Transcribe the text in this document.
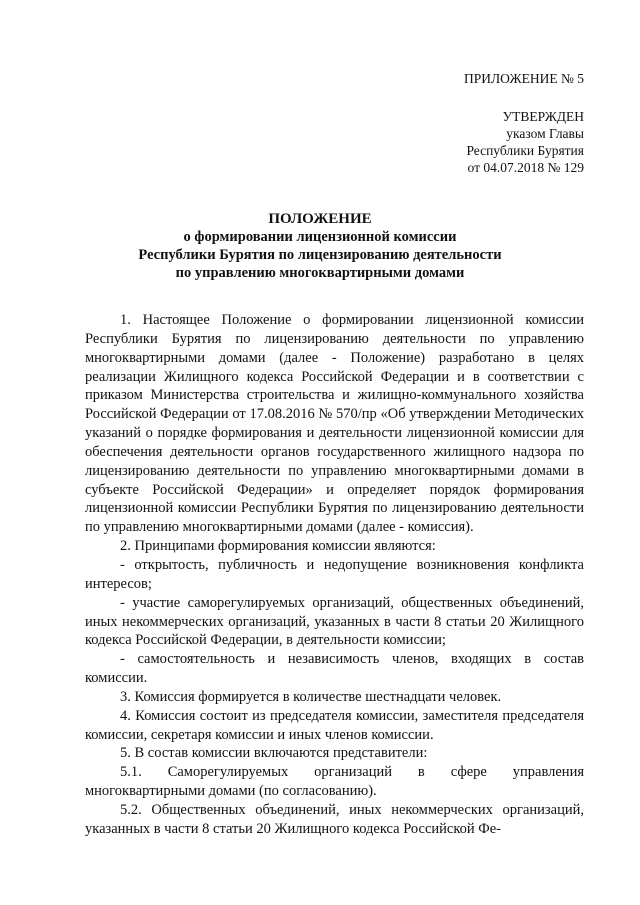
ПРИЛОЖЕНИЕ № 5
УТВЕРЖДЕН
указом Главы
Республики Бурятия
от 04.07.2018 № 129
ПОЛОЖЕНИЕ
о формировании лицензионной комиссии
Республики Бурятия по лицензированию деятельности
по управлению многоквартирными домами

1. Настоящее Положение о формировании лицензионной комиссии Республики Бурятия по лицензированию деятельности по управлению многоквартирными домами (далее - Положение) разработано в целях реализации Жилищного кодекса Российской Федерации и в соответствии с приказом Министерства строительства и жилищно-коммунального хозяйства Российской Федерации от 17.08.2016 № 570/пр «Об утверждении Методических указаний о порядке формирования и деятельности лицензионной комиссии для обеспечения деятельности органов государственного жилищного надзора по лицензированию деятельности по управлению многоквартирными домами в субъекте Российской Федерации» и определяет порядок формирования лицензионной комиссии Республики Бурятия по лицензированию деятельности по управлению многоквартирными домами (далее - комиссия).

2. Принципами формирования комиссии являются:

- открытость, публичность и недопущение возникновения конфликта интересов;

- участие саморегулируемых организаций, общественных объединений, иных некоммерческих организаций, указанных в части 8 статьи 20 Жилищного кодекса Российской Федерации, в деятельности комиссии;

- самостоятельность и независимость членов, входящих в состав комиссии.

3. Комиссия формируется в количестве шестнадцати человек.

4. Комиссия состоит из председателя комиссии, заместителя председателя комиссии, секретаря комиссии и иных членов комиссии.

5. В состав комиссии включаются представители:

5.1. Саморегулируемых организаций в сфере управления многоквартирными домами (по согласованию).

5.2. Общественных объединений, иных некоммерческих организаций, указанных в части 8 статьи 20 Жилищного кодекса Российской Фе-
